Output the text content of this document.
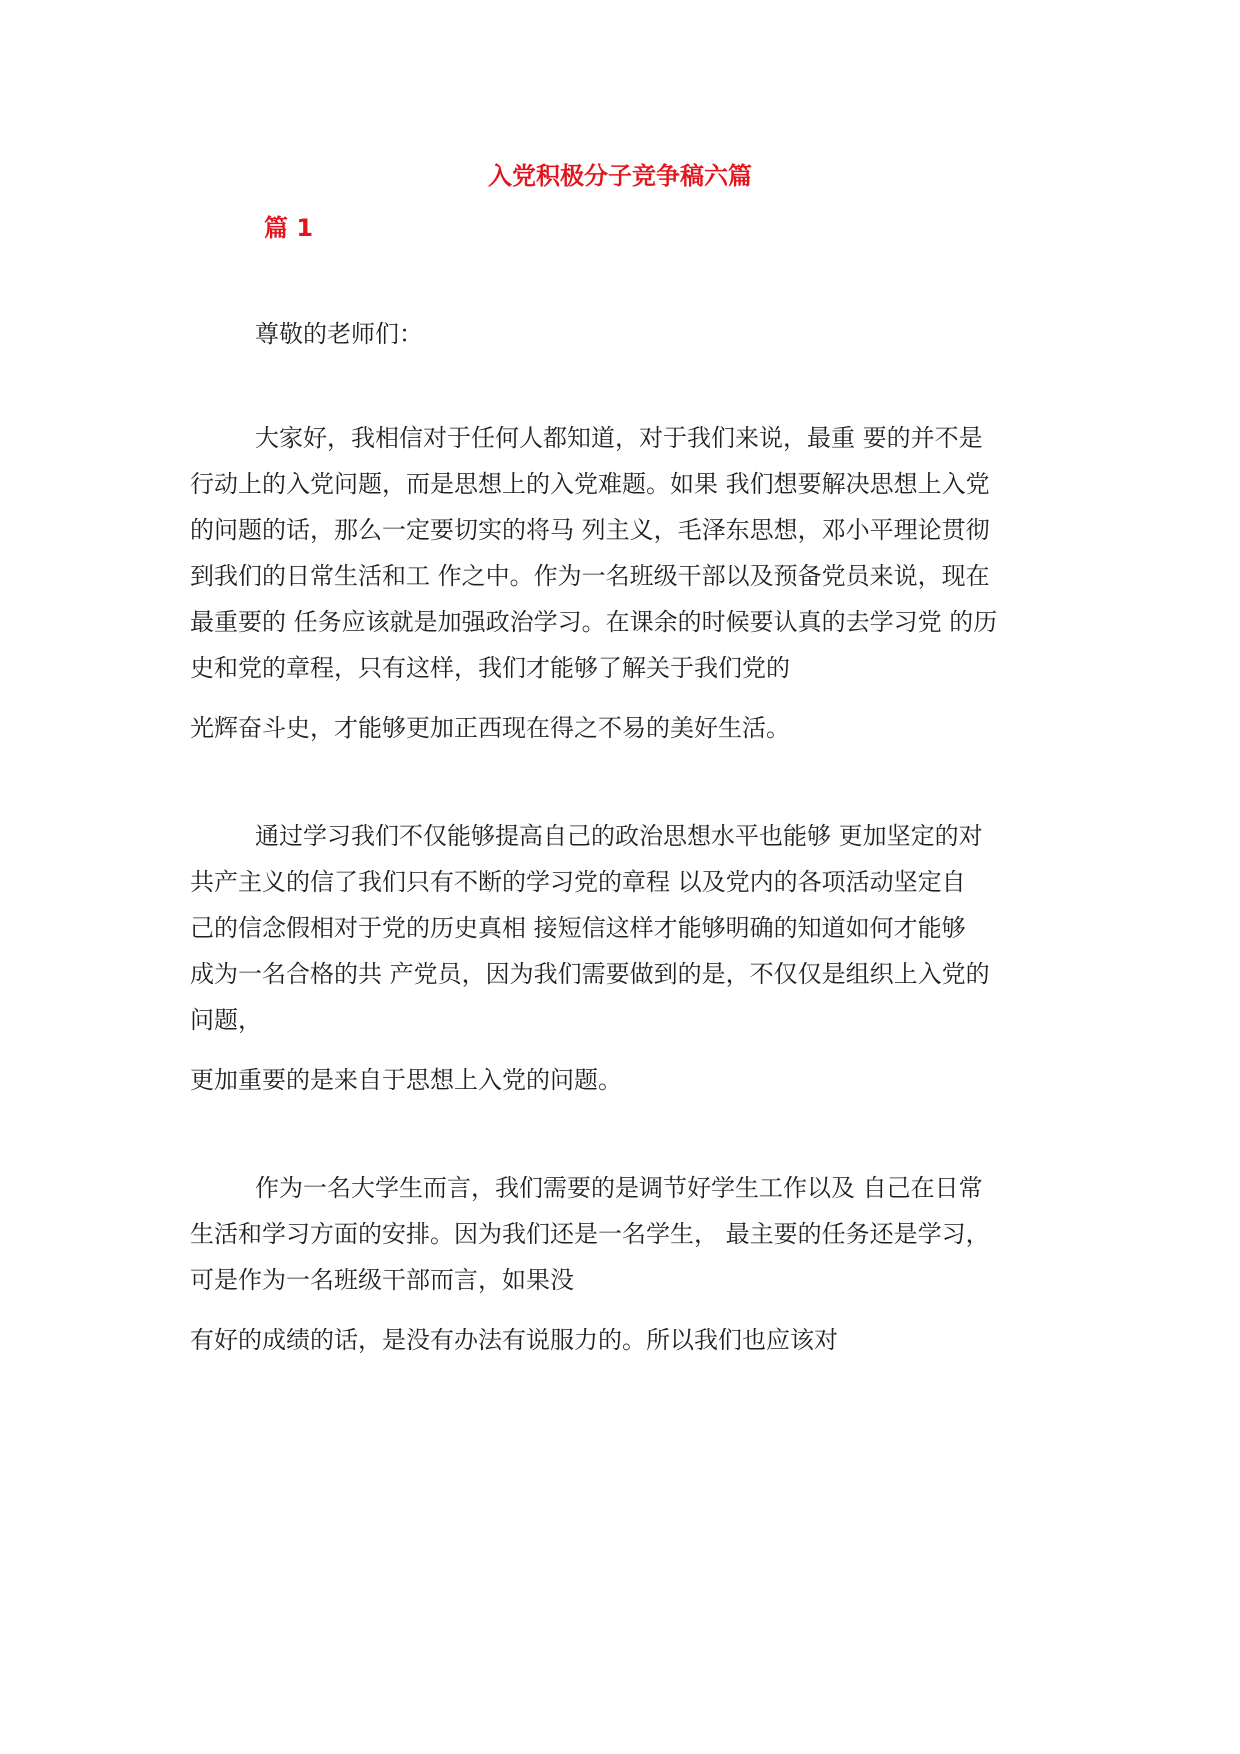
入党积极分子竞争稿六篇
篇 1
尊敬的老师们：
大家好，我相信对于任何人都知道，对于我们来说，最重 要的并不是
行动上的入党问题，而是思想上的入党难题。如果 我们想要解决思想上入党
的问题的话，那么一定要切实的将马 列主义，毛泽东思想，邓小平理论贯彻
到我们的日常生活和工 作之中。作为一名班级干部以及预备党员来说，现在
最重要的 任务应该就是加强政治学习。在课余的时候要认真的去学习党 的历
史和党的章程，只有这样，我们才能够了解关于我们党的
光辉奋斗史，才能够更加正西现在得之不易的美好生活。
通过学习我们不仅能够提高自己的政治思想水平也能够 更加坚定的对
共产主义的信了我们只有不断的学习党的章程 以及党内的各项活动坚定自
己的信念假相对于党的历史真相 接短信这样才能够明确的知道如何才能够
成为一名合格的共 产党员，因为我们需要做到的是，不仅仅是组织上入党的
问题，
更加重要的是来自于思想上入党的问题。
作为一名大学生而言，我们需要的是调节好学生工作以及 自己在日常
生活和学习方面的安排。因为我们还是一名学生， 最主要的任务还是学习，
可是作为一名班级干部而言，如果没
有好的成绩的话，是没有办法有说服力的。所以我们也应该对
